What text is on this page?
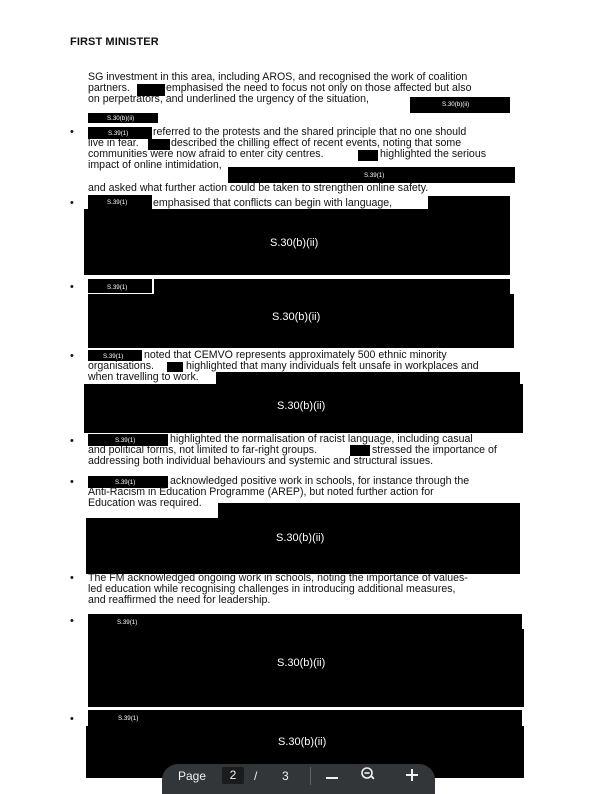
FIRST MINISTER
SG investment in this area, including AROS, and recognised the work of coalition
partners.	emphasised the need to focus not only on those affected but also
on perpetrators, and underlined the urgency of the situation,	S.30(b)(ii)
S.30(b)(ii)
•	S.39(1) referred to the protests and the shared principle that no one should
live in fear.	described the chilling effect of recent events, noting that some
communities were now afraid to enter city centres.	highlighted the serious
impact of online intimidation,
S.39(1)
and asked what further action could be taken to strengthen online safety.
•	S.39(1) emphasised that conflicts can begin with language,
S.30(b)(ii)
•	S.39(1)
S.30(b)(ii)
•	S.39(1) noted that CEMVO represents approximately 500 ethnic minority
organisations.	highlighted that many individuals felt unsafe in workplaces and
when travelling to work.
S.30(b)(ii)
•	S.39(1)	highlighted the normalisation of racist language, including casual
and political forms, not limited to far-right groups.	stressed the importance of
addressing both individual behaviours and systemic and structural issues.
•	S.39(1)	acknowledged positive work in schools, for instance through the
Anti-Racism in Education Programme (AREP), but noted further action for
Education was required.
S.30(b)(ii)
• The FM acknowledged ongoing work in schools, noting the importance of values-
led education while recognising challenges in introducing additional measures,
and reaffirmed the need for leadership.
•	S.39(1)
S.30(b)(ii)
•	S.39(1)
S.30(b)(ii)
Page	2	/ 3
